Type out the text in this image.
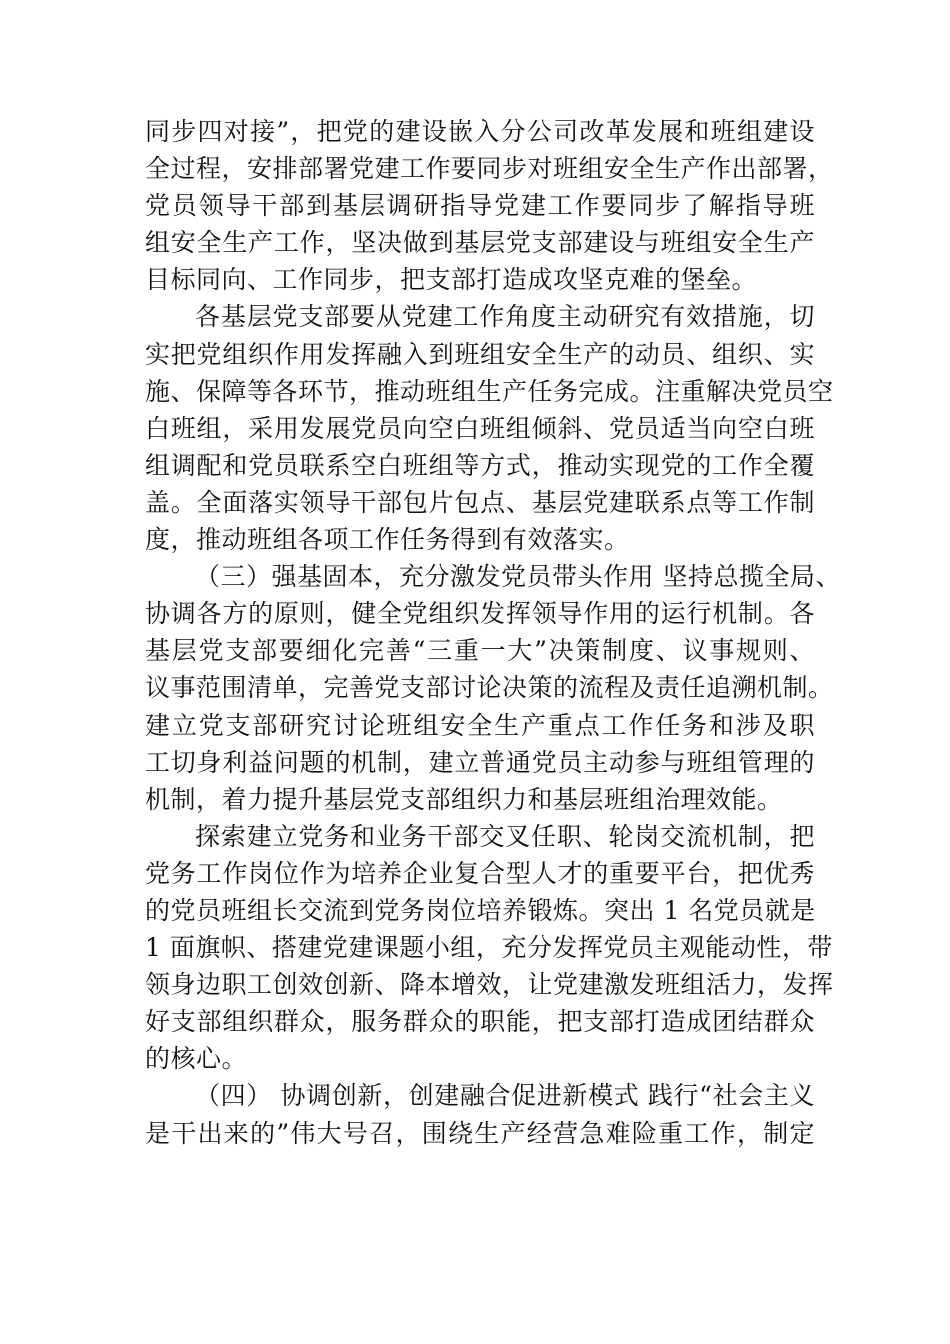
同步四对接”，把党的建设嵌入分公司改革发展和班组建设
全过程，安排部署党建工作要同步对班组安全生产作出部署，
党员领导干部到基层调研指导党建工作要同步了解指导班
组安全生产工作，坚决做到基层党支部建设与班组安全生产
目标同向、工作同步，把支部打造成攻坚克难的堡垒。

各基层党支部要从党建工作角度主动研究有效措施，切
实把党组织作用发挥融入到班组安全生产的动员、组织、实
施、保障等各环节，推动班组生产任务完成。注重解决党员空
白班组，采用发展党员向空白班组倾斜、党员适当向空白班
组调配和党员联系空白班组等方式，推动实现党的工作全覆
盖。全面落实领导干部包片包点、基层党建联系点等工作制
度，推动班组各项工作任务得到有效落实。

（三）强基固本，充分激发党员带头作用 坚持总揽全局、
协调各方的原则，健全党组织发挥领导作用的运行机制。各
基层党支部要细化完善“三重一大”决策制度、议事规则、
议事范围清单，完善党支部讨论决策的流程及责任追溯机制。
建立党支部研究讨论班组安全生产重点工作任务和涉及职
工切身利益问题的机制，建立普通党员主动参与班组管理的
机制，着力提升基层党支部组织力和基层班组治理效能。

探索建立党务和业务干部交叉任职、轮岗交流机制，把
党务工作岗位作为培养企业复合型人才的重要平台，把优秀
的党员班组长交流到党务岗位培养锻炼。突出 1 名党员就是
1 面旗帜、搭建党建课题小组，充分发挥党员主观能动性，带
领身边职工创效创新、降本增效，让党建激发班组活力，发挥
好支部组织群众，服务群众的职能，把支部打造成团结群众
的核心。

（四） 协调创新，创建融合促进新模式 践行“社会主义
是干出来的”伟大号召，围绕生产经营急难险重工作，制定
